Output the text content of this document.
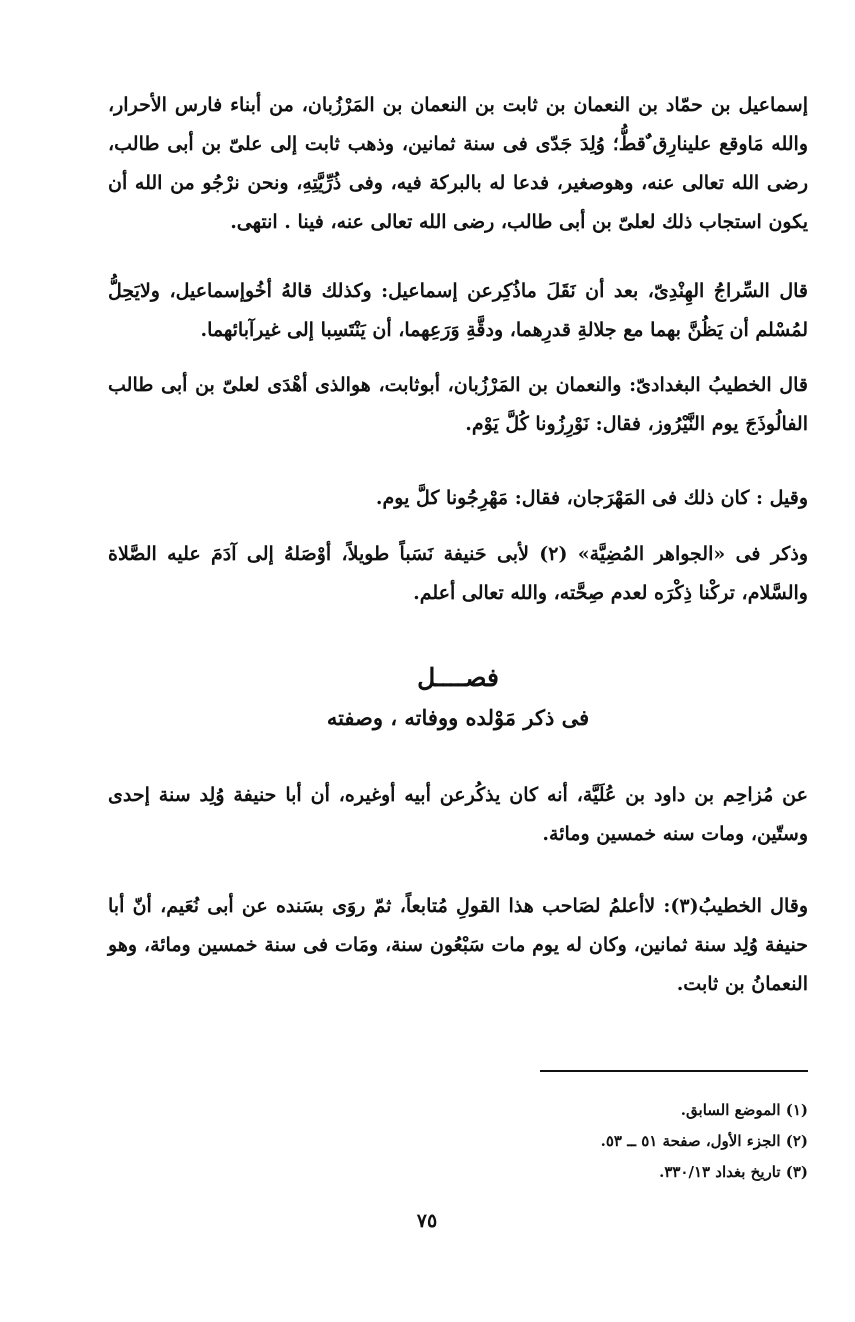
إسماعيل بن حمّاد بن النعمان بن ثابت بن النعمان بن المَرْزُبان، من أبناء فارس الأحرار، والله مَاوقع علينارِق ٌقطُّ؛ وُلِدَ جَدّى فى سنة ثمانين، وذهب ثابت إلى علىّ بن أبى طالب، رضى الله تعالى عنه، وهوصغير، فدعا له بالبركة فيه، وفى ذُرِّيَّتِهِ، ونحن نرْجُو من الله أن يكون استجاب ذلك لعلىّ بن أبى طالب، رضى الله تعالى عنه، فينا . انتهى.

قال السِّراجُ الهِنْدِىّ، بعد أن نَقَلَ ماذُكِرعن إسماعيل: وكذلك قالهُ أخُوإسماعيل، ولايَحِلُّ لمُسْلم أن يَظُنَّ بهما مع جلالةِ قدرِهما، ودقَّةِ وَرَعِهما، أن يَنْتَسِبا إلى غيرآبائهما.

قال الخطيبُ البغدادىّ: والنعمان بن المَرْزُبان، أبوثابت، هوالذى أهْدَى لعلىّ بن أبى طالب الفالُوذَجَ يوم النَّيْرُوز، فقال: نَوْرِزُونا كُلَّ يَوْم.

وقيل : كان ذلك فى المَهْرَجان، فقال: مَهْرِجُونا كلَّ يوم.

وذكر فى «الجواهر المُضِيَّة» (٢) لأبى حَنيفة نَسَباً طويلاً، أوْصَلهُ إلى آدَمَ عليه الصَّلاة والسَّلام، تركْنا ذِكْرَه لعدم صِحَّته، والله تعالى أعلم.

فصــــل
فى ذكر مَوْلده ووفاته ، وصفته

عن مُزاحِم بن داود بن عُلَيَّة، أنه كان يذكُرعن أبيه أوغيره، أن أبا حنيفة وُلِد سنة إحدى وستّين، ومات سنه خمسين ومائة.

وقال الخطيبُ(٣): لاأعلمُ لصَاحب هذا القولِ مُتابعاً، ثمّ روَى بسَنده عن أبى نُعَيم، أنّ أبا حنيفة وُلِد سنة ثمانين، وكان له يوم مات سَبْعُون سنة، ومَات فى سنة خمسين ومائة، وهو النعمانُ بن ثابت.

(١) الموضع السابق.

(٢) الجزء الأول، صفحة ٥١ ــ ٥٣.

(٣) تاريخ بغداد ٣٣٠/١٣.

٧٥
